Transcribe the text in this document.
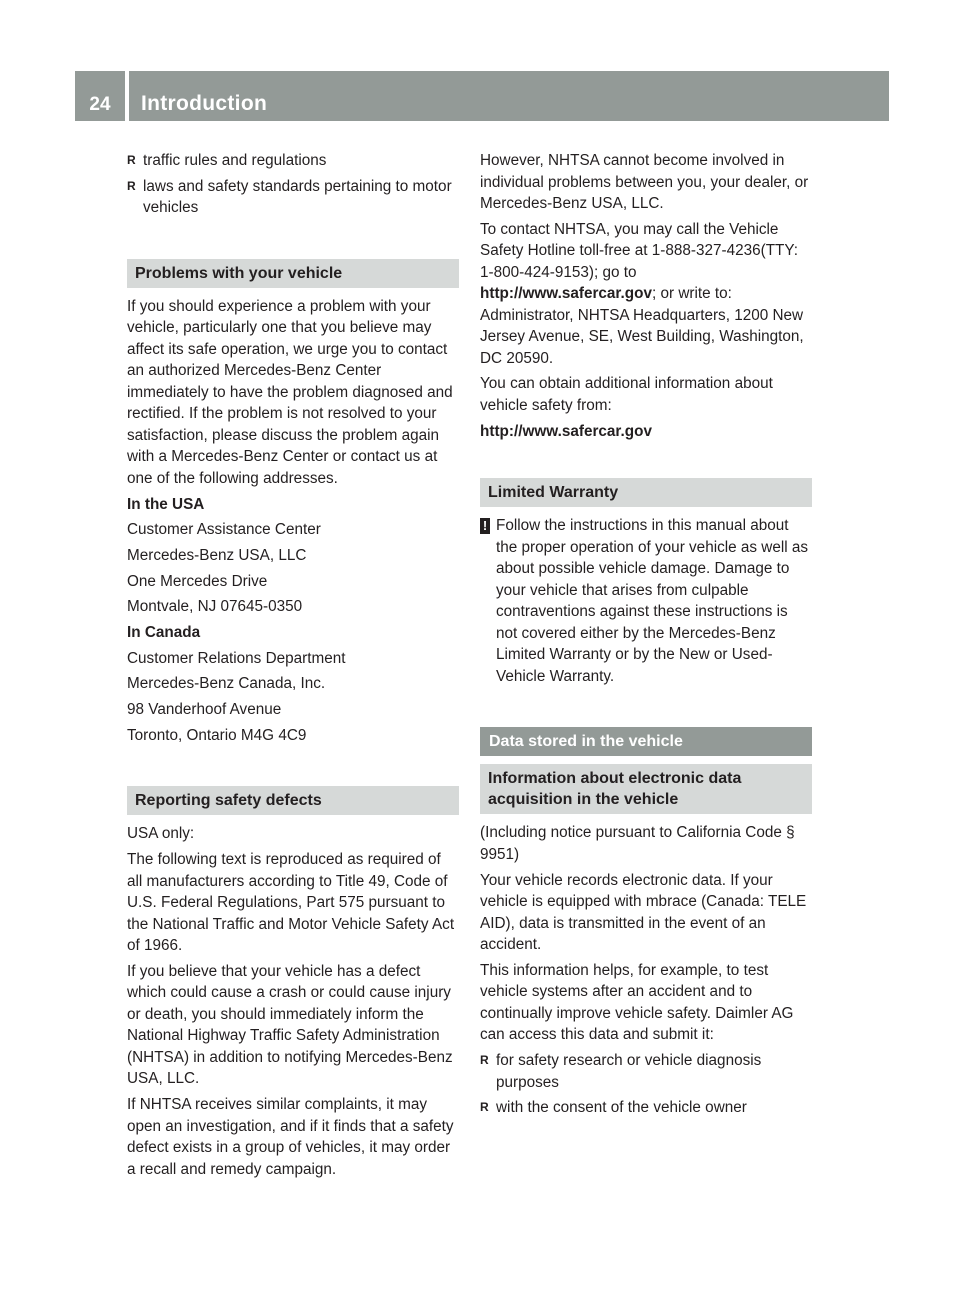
24	Introduction
R traffic rules and regulations
R laws and safety standards pertaining to motor vehicles
Problems with your vehicle

If you should experience a problem with your vehicle, particularly one that you believe may affect its safe operation, we urge you to contact an authorized Mercedes-Benz Center immediately to have the problem diagnosed and rectified. If the problem is not resolved to your satisfaction, please discuss the problem again with a Mercedes-Benz Center or contact us at one of the following addresses.

In the USA

Customer Assistance Center

Mercedes-Benz USA, LLC

One Mercedes Drive

Montvale, NJ 07645-0350

In Canada

Customer Relations Department

Mercedes-Benz Canada, Inc.

98 Vanderhoof Avenue

Toronto, Ontario M4G 4C9

Reporting safety defects

USA only:

The following text is reproduced as required of all manufacturers according to Title 49, Code of U.S. Federal Regulations, Part 575 pursuant to the National Traffic and Motor Vehicle Safety Act of 1966.

If you believe that your vehicle has a defect which could cause a crash or could cause injury or death, you should immediately inform the National Highway Traffic Safety Administration (NHTSA) in addition to notifying Mercedes-Benz USA, LLC.

If NHTSA receives similar complaints, it may open an investigation, and if it finds that a safety defect exists in a group of vehicles, it may order a recall and remedy campaign.

However, NHTSA cannot become involved in individual problems between you, your dealer, or Mercedes-Benz USA, LLC.

To contact NHTSA, you may call the Vehicle Safety Hotline toll-free at 1-888-327-4236(TTY: 1-800-424-9153); go to http://www.safercar.gov; or write to: Administrator, NHTSA Headquarters, 1200 New Jersey Avenue, SE, West Building, Washington, DC 20590.

You can obtain additional information about vehicle safety from:

http://www.safercar.gov

Limited Warranty
! Follow the instructions in this manual about the proper operation of your vehicle as well as about possible vehicle damage. Damage to your vehicle that arises from culpable contraventions against these instructions is not covered either by the Mercedes-Benz Limited Warranty or by the New or Used-Vehicle Warranty.

Data stored in the vehicle
Information about electronic data acquisition in the vehicle

(Including notice pursuant to California Code § 9951)

Your vehicle records electronic data. If your vehicle is equipped with mbrace (Canada: TELE AID), data is transmitted in the event of an accident.

This information helps, for example, to test vehicle systems after an accident and to continually improve vehicle safety. Daimler AG can access this data and submit it:

R for safety research or vehicle diagnosis purposes
R with the consent of the vehicle owner
